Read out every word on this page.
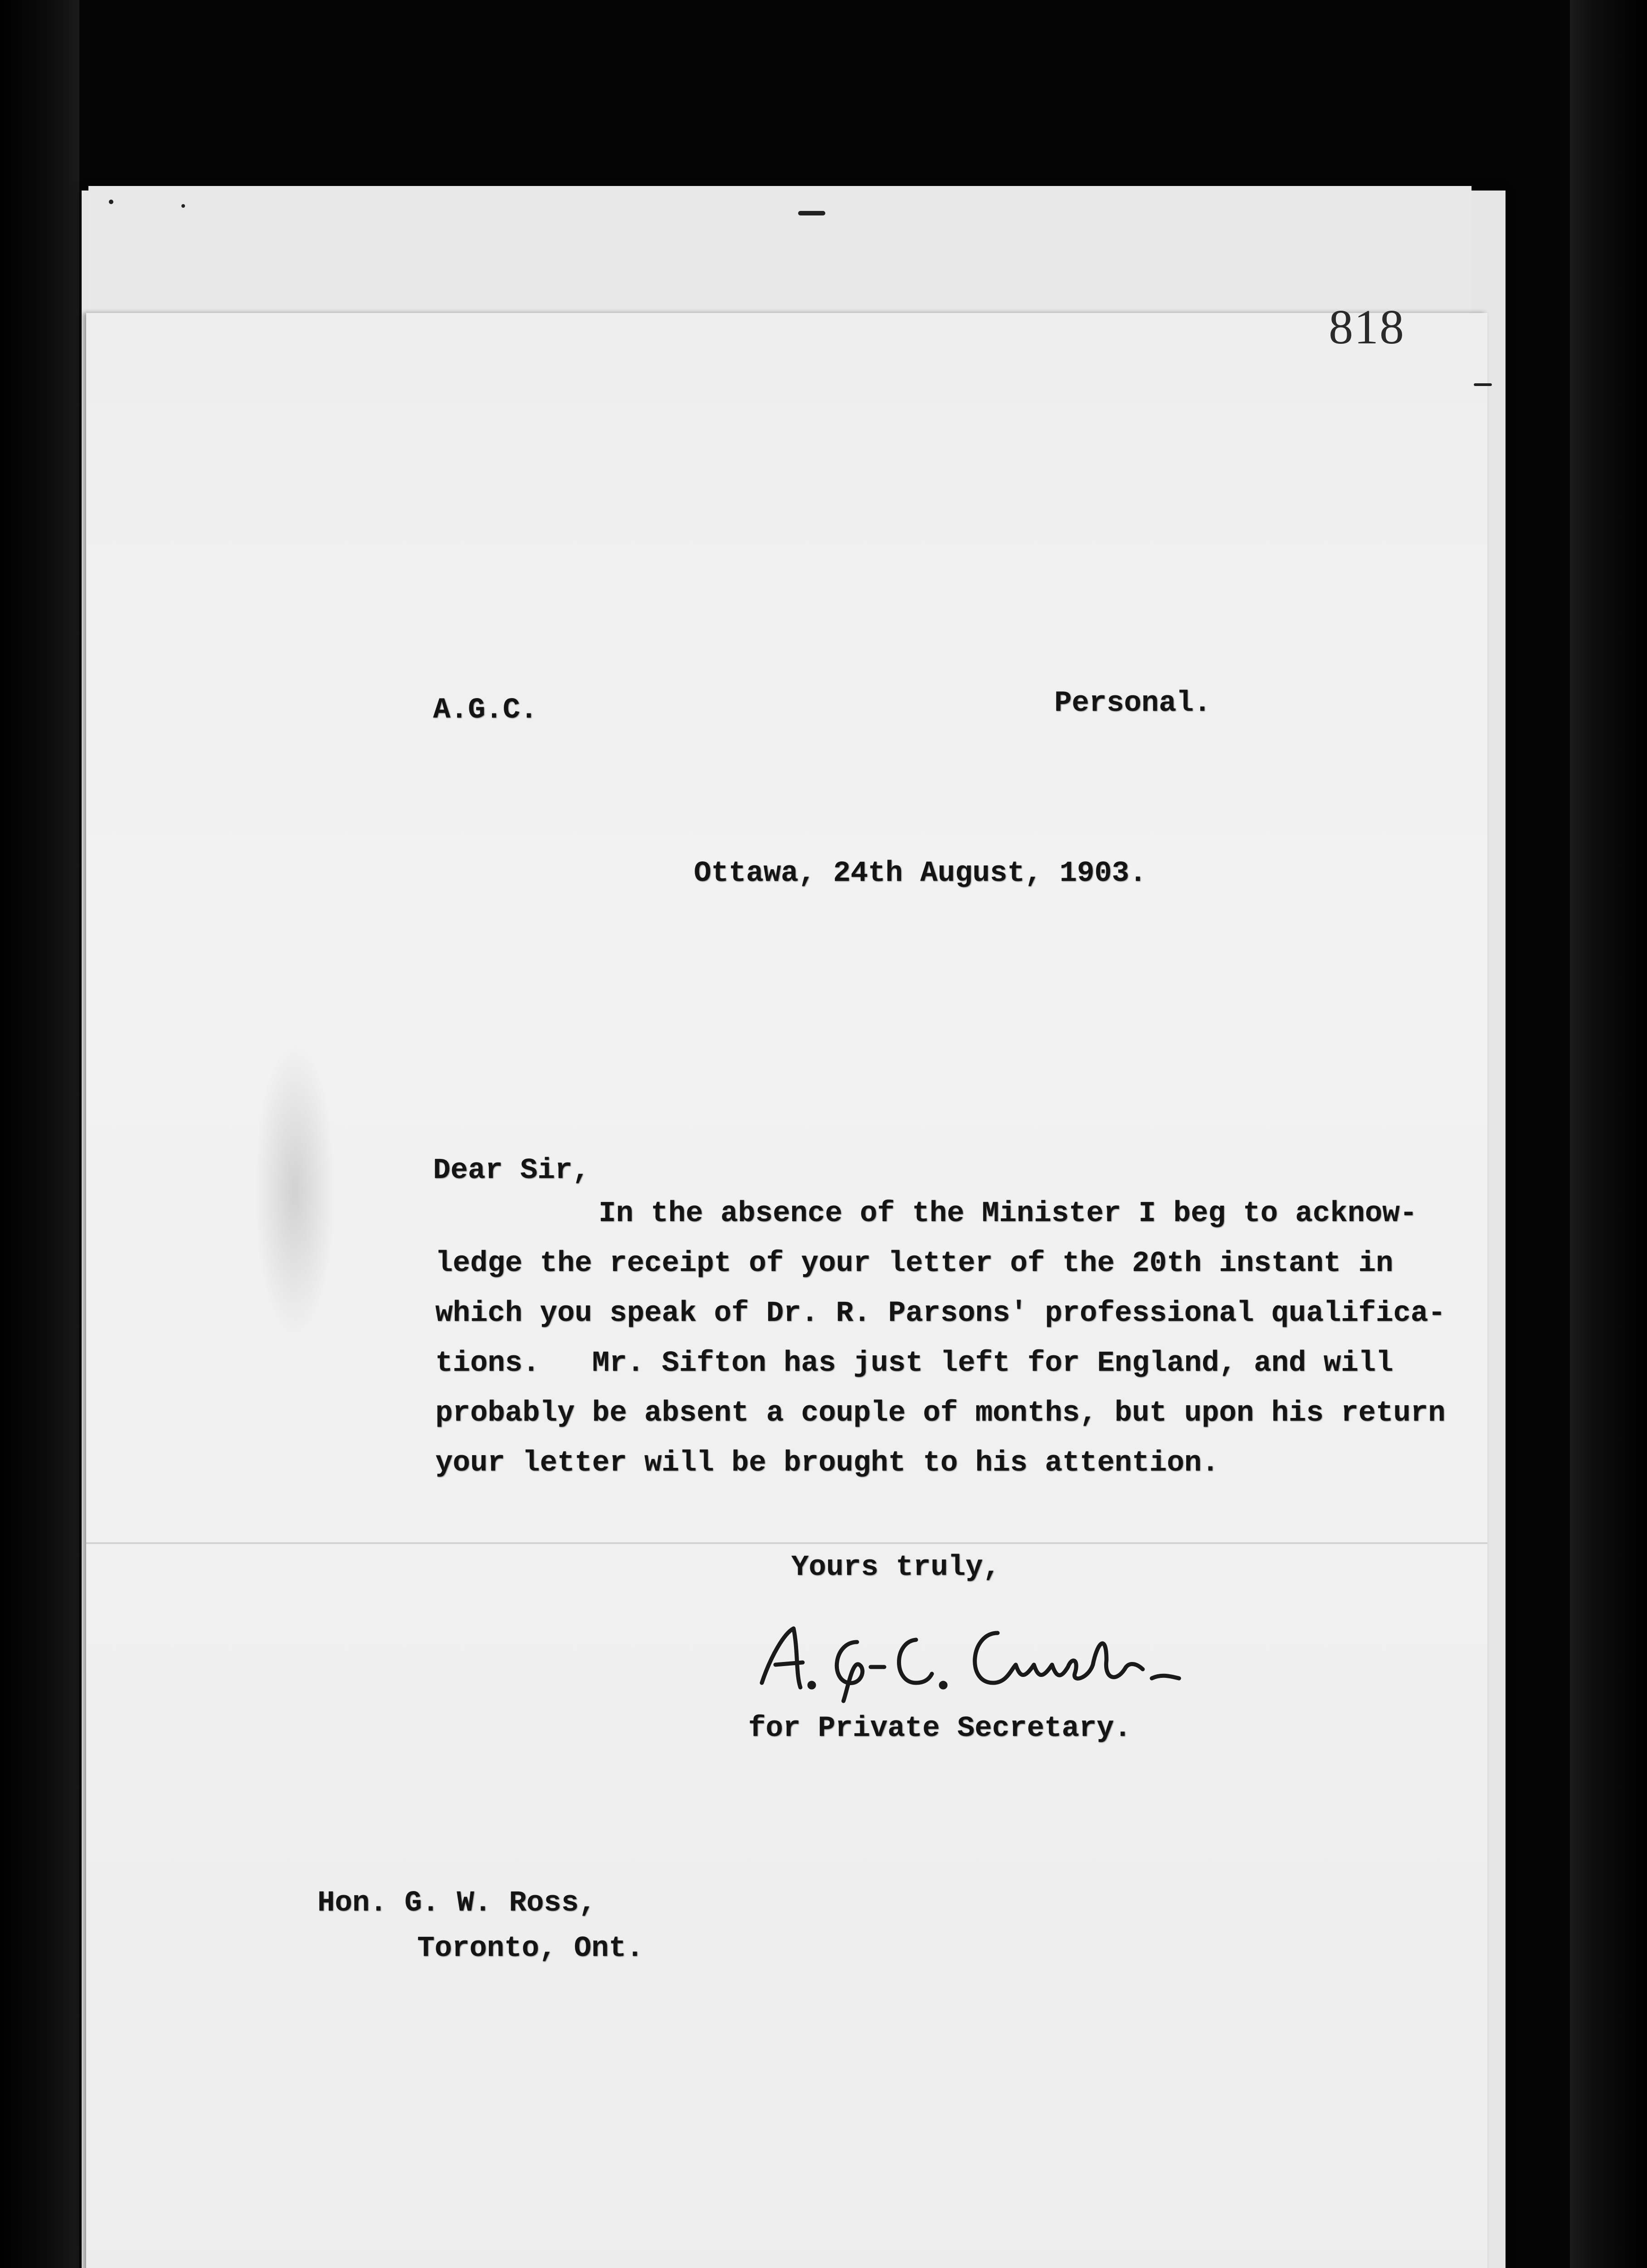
818
A.G.C.	Personal.
Ottawa, 24th August, 1903.
Dear Sir,
In the absence of the Minister I beg to acknow-
ledge the receipt of your letter of the 20th instant in
which you speak of Dr. R. Parsons' professional qualifica-
tions.   Mr. Sifton has just left for England, and will
probably be absent a couple of months, but upon his return
your letter will be brought to his attention.
Yours truly,
for Private Secretary.
Hon. G. W. Ross,
Toronto, Ont.
